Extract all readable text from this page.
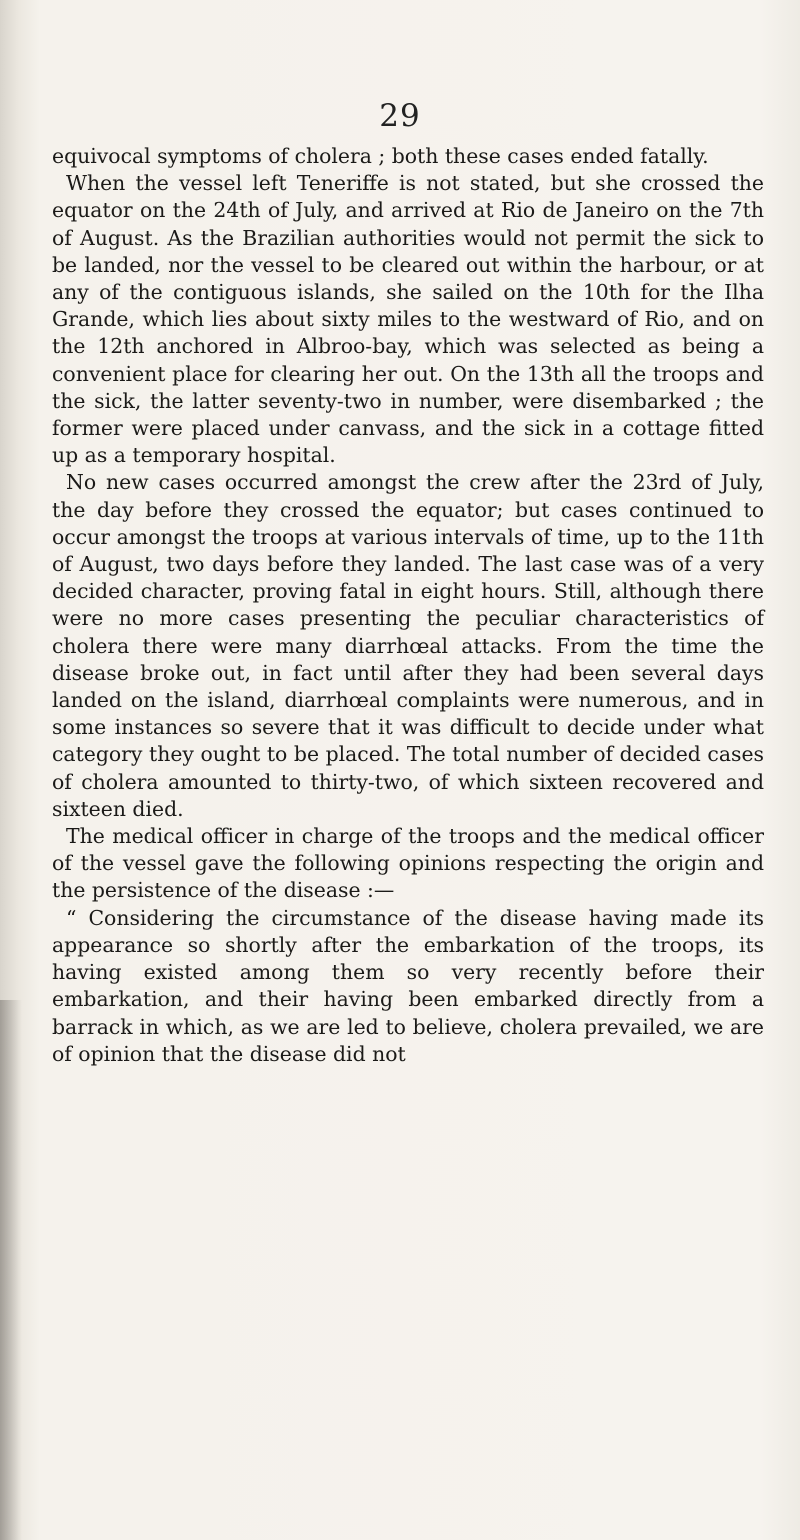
29

equivocal symptoms of cholera ; both these cases ended fatally.

When the vessel left Teneriffe is not stated, but she crossed the equator on the 24th of July, and arrived at Rio de Janeiro on the 7th of August. As the Brazilian authorities would not permit the sick to be landed, nor the vessel to be cleared out within the harbour, or at any of the contiguous islands, she sailed on the 10th for the Ilha Grande, which lies about sixty miles to the westward of Rio, and on the 12th anchored in Albroo-bay, which was selected as being a convenient place for clearing her out. On the 13th all the troops and the sick, the latter seventy-two in number, were disembarked ; the former were placed under canvass, and the sick in a cottage fitted up as a temporary hospital.

No new cases occurred amongst the crew after the 23rd of July, the day before they crossed the equator; but cases continued to occur amongst the troops at various intervals of time, up to the 11th of August, two days before they landed. The last case was of a very decided character, proving fatal in eight hours. Still, although there were no more cases presenting the peculiar characteristics of cholera there were many diarrhœal attacks. From the time the disease broke out, in fact until after they had been several days landed on the island, diarrhœal complaints were numerous, and in some instances so severe that it was difficult to decide under what category they ought to be placed. The total number of decided cases of cholera amounted to thirty-two, of which sixteen recovered and sixteen died.

The medical officer in charge of the troops and the medical officer of the vessel gave the following opinions respecting the origin and the persistence of the disease :—

“ Considering the circumstance of the disease having made its appearance so shortly after the embarkation of the troops, its having existed among them so very recently before their embarkation, and their having been embarked directly from a barrack in which, as we are led to believe, cholera prevailed, we are of opinion that the disease did not
